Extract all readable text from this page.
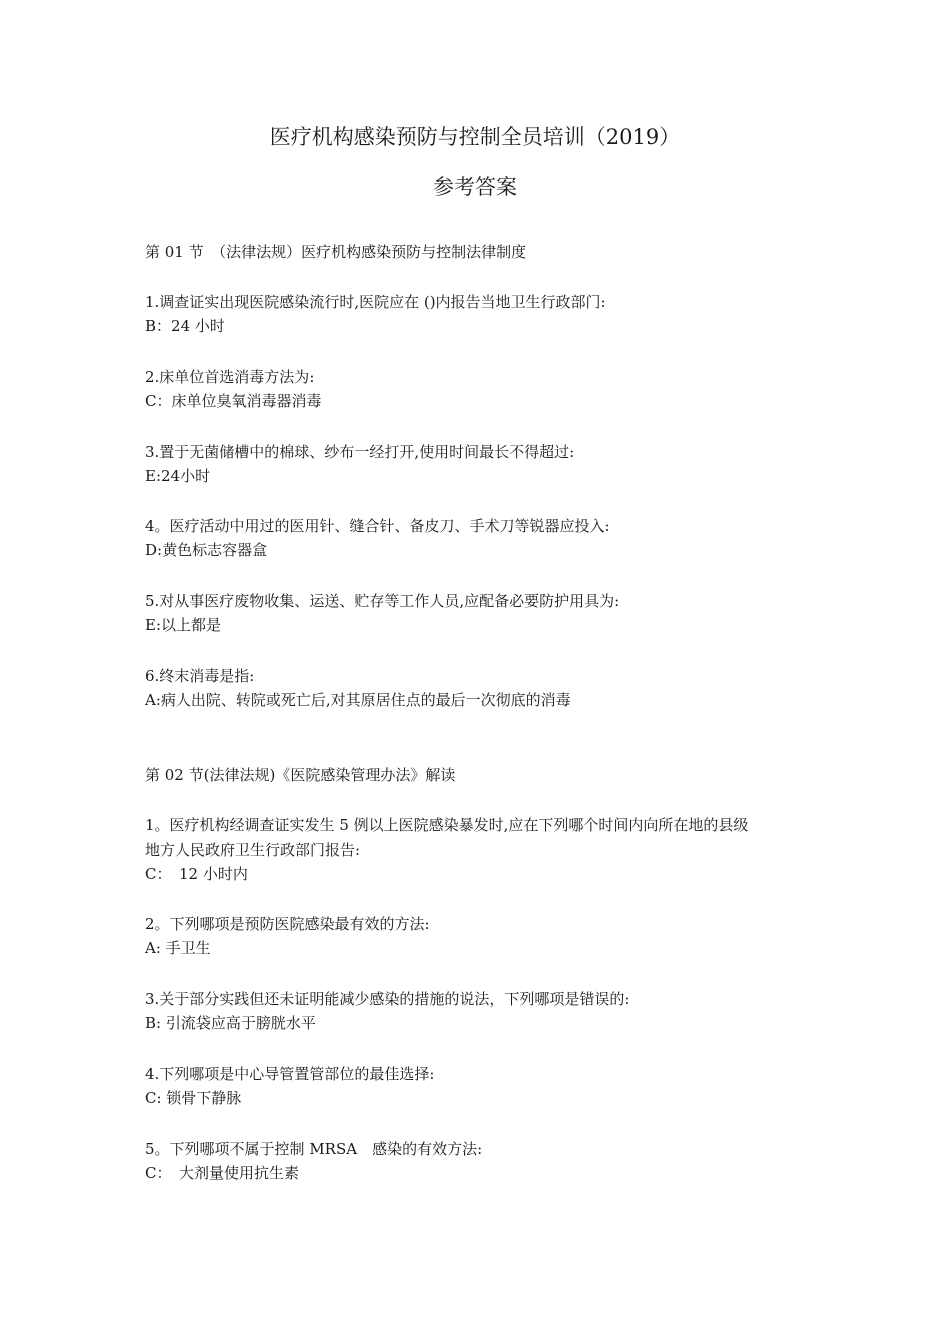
医疗机构感染预防与控制全员培训（2019）
参考答案
第 01 节　（法律法规）医疗机构感染预防与控制法律制度
1.调查证实出现医院感染流行时,医院应在 ()内报告当地卫生行政部门:
B：24 小时
2.床单位首选消毒方法为:
C：床单位臭氧消毒器消毒
3.置于无菌储槽中的棉球、纱布一经打开,使用时间最长不得超过:
E:24小时
4。医疗活动中用过的医用针、缝合针、备皮刀、手术刀等锐器应投入:
D:黄色标志容器盒
5.对从事医疗废物收集、运送、贮存等工作人员,应配备必要防护用具为:
E:以上都是
6.终末消毒是指:
A:病人出院、转院或死亡后,对其原居住点的最后一次彻底的消毒
第 02 节(法律法规)《医院感染管理办法》解读
1。医疗机构经调查证实发生 5 例以上医院感染暴发时,应在下列哪个时间内向所在地的县级
地方人民政府卫生行政部门报告:
C：　12 小时内
2。下列哪项是预防医院感染最有效的方法:
A: 手卫生
3.关于部分实践但还未证明能减少感染的措施的说法，下列哪项是错误的:
B: 引流袋应高于膀胱水平
4.下列哪项是中心导管置管部位的最佳选择:
C: 锁骨下静脉
5。下列哪项不属于控制 MRSA　感染的有效方法:
C：　大剂量使用抗生素
